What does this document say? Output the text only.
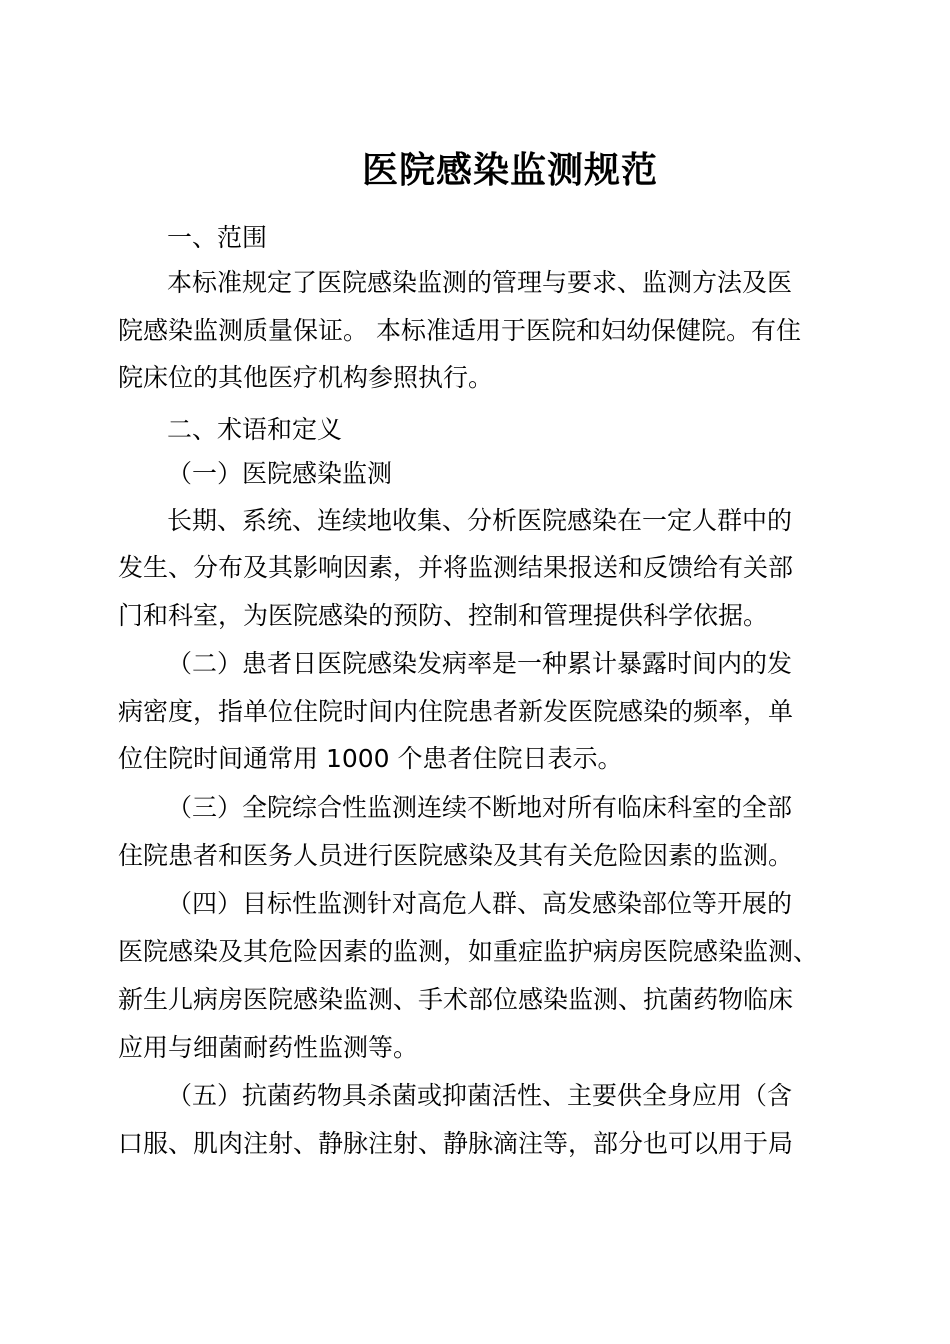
医院感染监测规范
一、范围
本标准规定了医院感染监测的管理与要求、监测方法及医
院感染监测质量保证。 本标准适用于医院和妇幼保健院。有住
院床位的其他医疗机构参照执行。
二、术语和定义
（一）医院感染监测
长期、系统、连续地收集、分析医院感染在一定人群中的
发生、分布及其影响因素，并将监测结果报送和反馈给有关部
门和科室，为医院感染的预防、控制和管理提供科学依据。
（二）患者日医院感染发病率是一种累计暴露时间内的发
病密度，指单位住院时间内住院患者新发医院感染的频率，单
位住院时间通常用 1000 个患者住院日表示。
（三）全院综合性监测连续不断地对所有临床科室的全部
住院患者和医务人员进行医院感染及其有关危险因素的监测。
（四）目标性监测针对高危人群、高发感染部位等开展的
医院感染及其危险因素的监测，如重症监护病房医院感染监测、
新生儿病房医院感染监测、手术部位感染监测、抗菌药物临床
应用与细菌耐药性监测等。
（五）抗菌药物具杀菌或抑菌活性、主要供全身应用（含
口服、肌肉注射、静脉注射、静脉滴注等，部分也可以用于局
